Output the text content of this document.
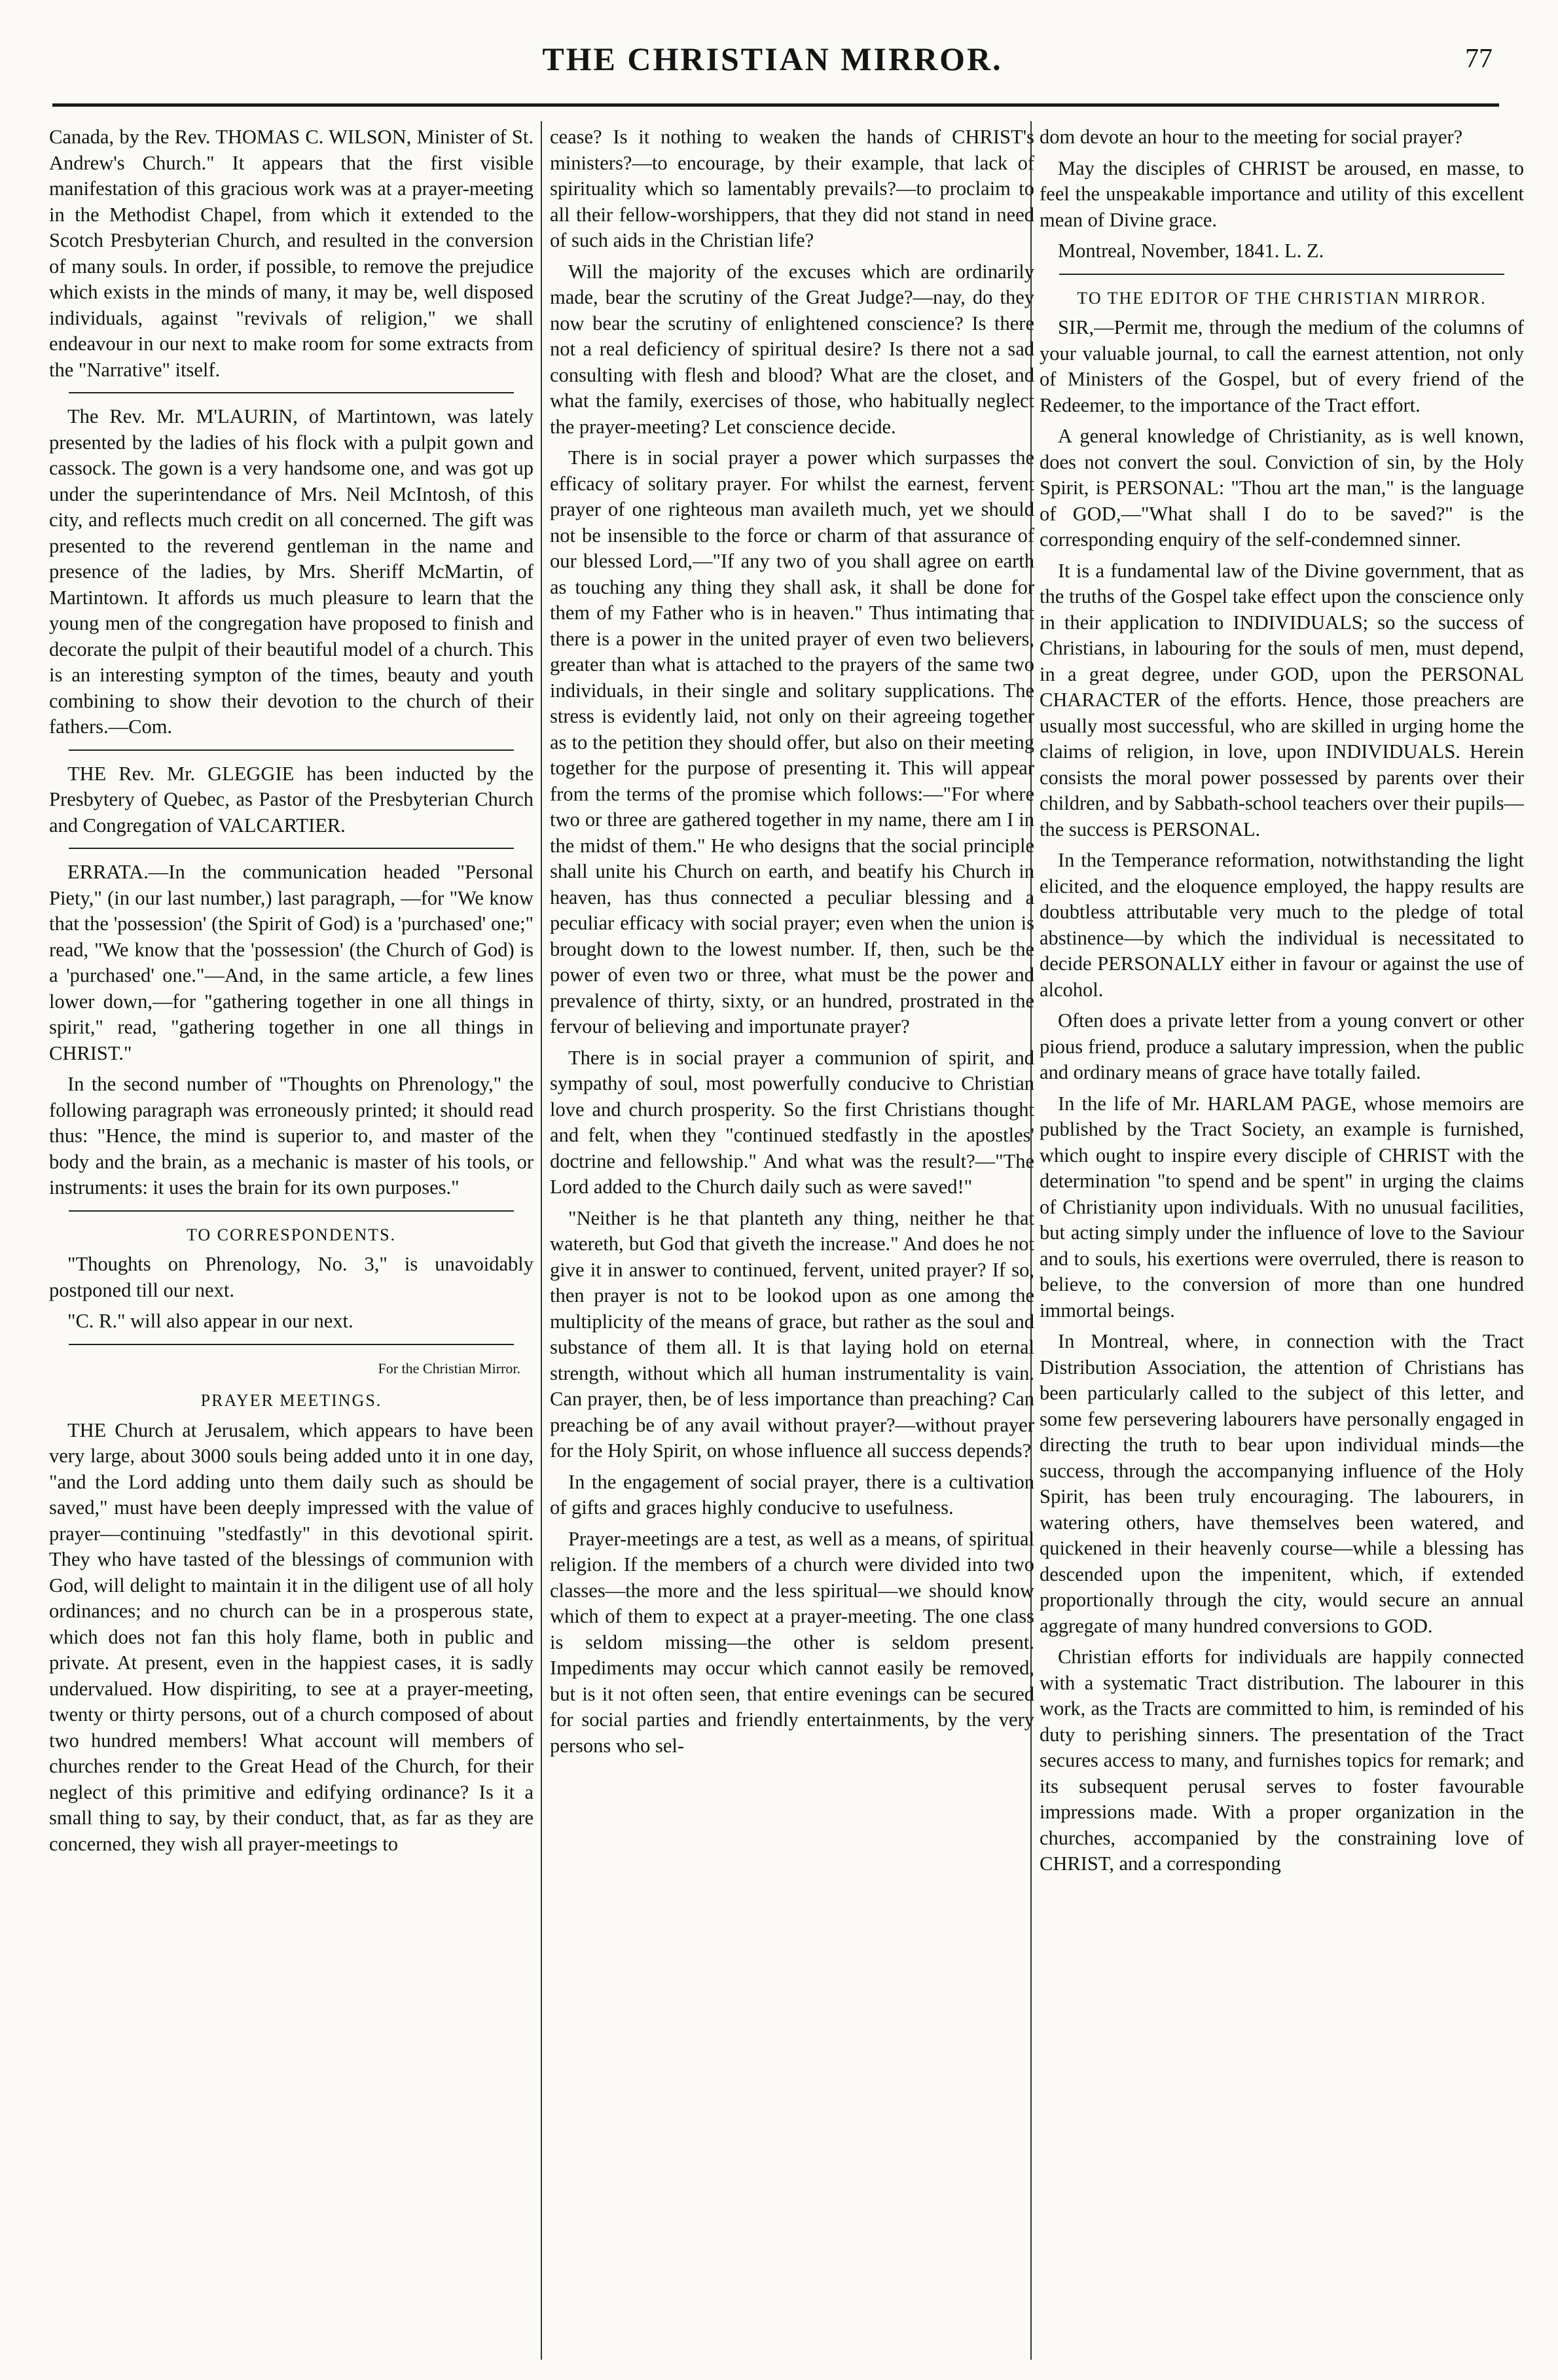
THE CHRISTIAN MIRROR.	77

Canada, by the Rev. THOMAS C. WILSON, Minister of St. Andrew's Church." It appears that the first visible manifestation of this gracious work was at a prayer-meeting in the Methodist Chapel, from which it extended to the Scotch Presbyterian Church, and resulted in the conversion of many souls. In order, if possible, to remove the prejudice which exists in the minds of many, it may be, well disposed individuals, against "revivals of religion," we shall endeavour in our next to make room for some extracts from the "Narrative" itself.

The Rev. Mr. M'LAURIN, of Martintown, was lately presented by the ladies of his flock with a pulpit gown and cassock. The gown is a very handsome one, and was got up under the superintendance of Mrs. Neil McIntosh, of this city, and reflects much credit on all concerned. The gift was presented to the reverend gentleman in the name and presence of the ladies, by Mrs. Sheriff McMartin, of Martintown. It affords us much pleasure to learn that the young men of the congregation have proposed to finish and decorate the pulpit of their beautiful model of a church. This is an interesting sympton of the times, beauty and youth combining to show their devotion to the church of their fathers.—Com.

THE Rev. Mr. GLEGGIE has been inducted by the Presbytery of Quebec, as Pastor of the Presbyterian Church and Congregation of VALCARTIER.

ERRATA.—In the communication headed "Personal Piety," (in our last number,) last paragraph, —for "We know that the 'possession' (the Spirit of God) is a 'purchased' one;" read, "We know that the 'possession' (the Church of God) is a 'purchased' one."—And, in the same article, a few lines lower down,—for "gathering together in one all things in spirit," read, "gathering together in one all things in CHRIST."

In the second number of "Thoughts on Phrenology," the following paragraph was erroneously printed; it should read thus: "Hence, the mind is superior to, and master of the body and the brain, as a mechanic is master of his tools, or instruments: it uses the brain for its own purposes."

TO CORRESPONDENTS.

"Thoughts on Phrenology, No. 3," is unavoidably postponed till our next.

"C. R." will also appear in our next.

For the Christian Mirror.

PRAYER MEETINGS.

THE Church at Jerusalem, which appears to have been very large, about 3000 souls being added unto it in one day, "and the Lord adding unto them daily such as should be saved," must have been deeply impressed with the value of prayer—continuing "stedfastly" in this devotional spirit. They who have tasted of the blessings of communion with God, will delight to maintain it in the diligent use of all holy ordinances; and no church can be in a prosperous state, which does not fan this holy flame, both in public and private. At present, even in the happiest cases, it is sadly undervalued. How dispiriting, to see at a prayer-meeting, twenty or thirty persons, out of a church composed of about two hundred members! What account will members of churches render to the Great Head of the Church, for their neglect of this primitive and edifying ordinance? Is it a small thing to say, by their conduct, that, as far as they are concerned, they wish all prayer-meetings to

cease? Is it nothing to weaken the hands of CHRIST's ministers?—to encourage, by their example, that lack of spirituality which so lamentably prevails?—to proclaim to all their fellow-worshippers, that they did not stand in need of such aids in the Christian life?

Will the majority of the excuses which are ordinarily made, bear the scrutiny of the Great Judge?—nay, do they now bear the scrutiny of enlightened conscience? Is there not a real deficiency of spiritual desire? Is there not a sad consulting with flesh and blood? What are the closet, and what the family, exercises of those, who habitually neglect the prayer-meeting? Let conscience decide.

There is in social prayer a power which surpasses the efficacy of solitary prayer. For whilst the earnest, fervent prayer of one righteous man availeth much, yet we should not be insensible to the force or charm of that assurance of our blessed Lord,—"If any two of you shall agree on earth as touching any thing they shall ask, it shall be done for them of my Father who is in heaven." Thus intimating that there is a power in the united prayer of even two believers, greater than what is attached to the prayers of the same two individuals, in their single and solitary supplications. The stress is evidently laid, not only on their agreeing together as to the petition they should offer, but also on their meeting together for the purpose of presenting it. This will appear from the terms of the promise which follows:—"For where two or three are gathered together in my name, there am I in the midst of them." He who designs that the social principle shall unite his Church on earth, and beatify his Church in heaven, has thus connected a peculiar blessing and a peculiar efficacy with social prayer; even when the union is brought down to the lowest number. If, then, such be the power of even two or three, what must be the power and prevalence of thirty, sixty, or an hundred, prostrated in the fervour of believing and importunate prayer?

There is in social prayer a communion of spirit, and sympathy of soul, most powerfully conducive to Christian love and church prosperity. So the first Christians thought and felt, when they "continued stedfastly in the apostles' doctrine and fellowship." And what was the result?—"The Lord added to the Church daily such as were saved!"

"Neither is he that planteth any thing, neither he that watereth, but God that giveth the increase." And does he not give it in answer to continued, fervent, united prayer? If so, then prayer is not to be lookod upon as one among the multiplicity of the means of grace, but rather as the soul and substance of them all. It is that laying hold on eternal strength, without which all human instrumentality is vain. Can prayer, then, be of less importance than preaching? Can preaching be of any avail without prayer?—without prayer for the Holy Spirit, on whose influence all success depends?

In the engagement of social prayer, there is a cultivation of gifts and graces highly conducive to usefulness.

Prayer-meetings are a test, as well as a means, of spiritual religion. If the members of a church were divided into two classes—the more and the less spiritual—we should know which of them to expect at a prayer-meeting. The one class is seldom missing—the other is seldom present. Impediments may occur which cannot easily be removed, but is it not often seen, that entire evenings can be secured for social parties and friendly entertainments, by the very persons who sel-

dom devote an hour to the meeting for social prayer?

May the disciples of CHRIST be aroused, en masse, to feel the unspeakable importance and utility of this excellent mean of Divine grace.

Montreal, November, 1841. L. Z.

TO THE EDITOR OF THE CHRISTIAN MIRROR.

SIR,—Permit me, through the medium of the columns of your valuable journal, to call the earnest attention, not only of Ministers of the Gospel, but of every friend of the Redeemer, to the importance of the Tract effort.

A general knowledge of Christianity, as is well known, does not convert the soul. Conviction of sin, by the Holy Spirit, is PERSONAL: "Thou art the man," is the language of GOD,—"What shall I do to be saved?" is the corresponding enquiry of the self-condemned sinner.

It is a fundamental law of the Divine government, that as the truths of the Gospel take effect upon the conscience only in their application to INDIVIDUALS; so the success of Christians, in labouring for the souls of men, must depend, in a great degree, under GOD, upon the PERSONAL CHARACTER of the efforts. Hence, those preachers are usually most successful, who are skilled in urging home the claims of religion, in love, upon INDIVIDUALS. Herein consists the moral power possessed by parents over their children, and by Sabbath-school teachers over their pupils—the success is PERSONAL.

In the Temperance reformation, notwithstanding the light elicited, and the eloquence employed, the happy results are doubtless attributable very much to the pledge of total abstinence—by which the individual is necessitated to decide PERSONALLY either in favour or against the use of alcohol.

Often does a private letter from a young convert or other pious friend, produce a salutary impression, when the public and ordinary means of grace have totally failed.

In the life of Mr. HARLAM PAGE, whose memoirs are published by the Tract Society, an example is furnished, which ought to inspire every disciple of CHRIST with the determination "to spend and be spent" in urging the claims of Christianity upon individuals. With no unusual facilities, but acting simply under the influence of love to the Saviour and to souls, his exertions were overruled, there is reason to believe, to the conversion of more than one hundred immortal beings.

In Montreal, where, in connection with the Tract Distribution Association, the attention of Christians has been particularly called to the subject of this letter, and some few persevering labourers have personally engaged in directing the truth to bear upon individual minds—the success, through the accompanying influence of the Holy Spirit, has been truly encouraging. The labourers, in watering others, have themselves been watered, and quickened in their heavenly course—while a blessing has descended upon the impenitent, which, if extended proportionally through the city, would secure an annual aggregate of many hundred conversions to GOD.

Christian efforts for individuals are happily connected with a systematic Tract distribution. The labourer in this work, as the Tracts are committed to him, is reminded of his duty to perishing sinners. The presentation of the Tract secures access to many, and furnishes topics for remark; and its subsequent perusal serves to foster favourable impressions made. With a proper organization in the churches, accompanied by the constraining love of CHRIST, and a corresponding
